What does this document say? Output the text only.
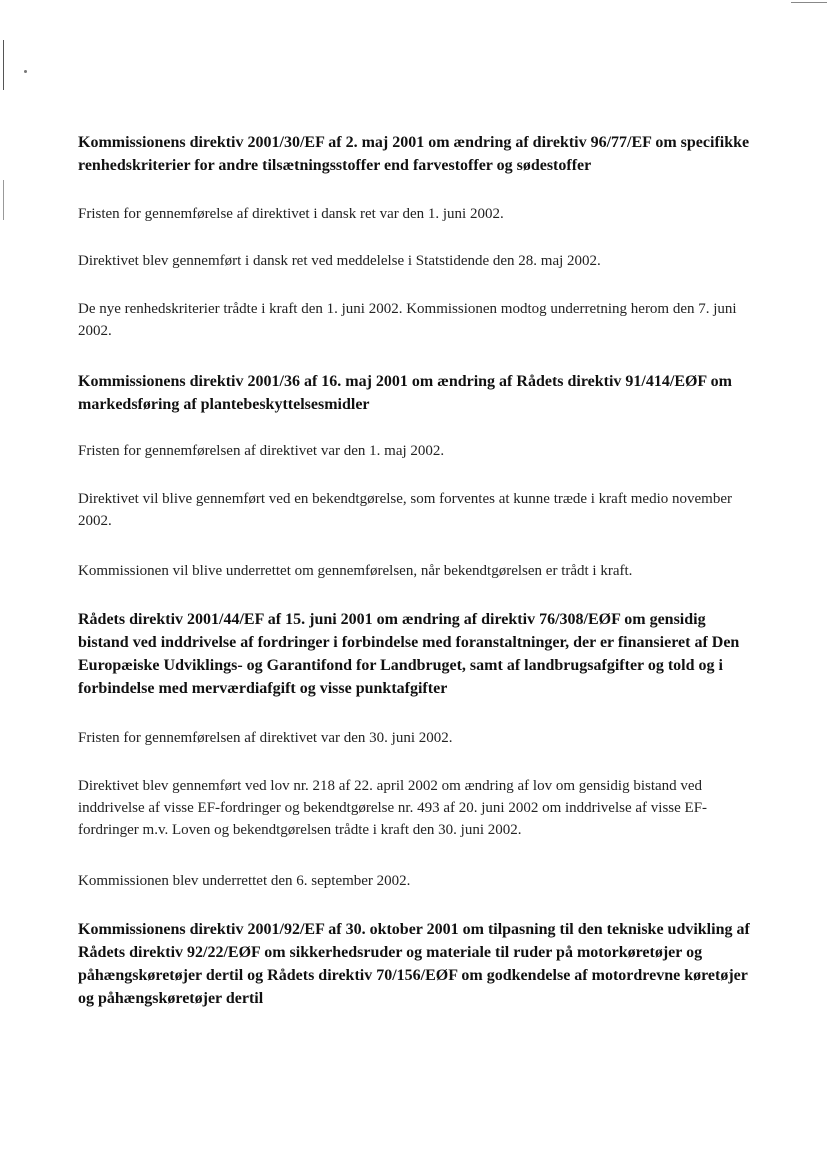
Kommissionens direktiv 2001/30/EF af 2. maj 2001 om ændring af direktiv 96/77/EF om specifikke renhedskriterier for andre tilsætningsstoffer end farvestoffer og sødestoffer

Fristen for gennemførelse af direktivet i dansk ret var den 1. juni 2002.

Direktivet blev gennemført i dansk ret ved meddelelse i Statstidende den 28. maj 2002.

De nye renhedskriterier trådte i kraft den 1. juni 2002. Kommissionen modtog underretning herom den 7. juni 2002.

Kommissionens direktiv 2001/36 af 16. maj 2001 om ændring af Rådets direktiv 91/414/EØF om markedsføring af plantebeskyttelsesmidler

Fristen for gennemførelsen af direktivet var den 1. maj 2002.

Direktivet vil blive gennemført ved en bekendtgørelse, som forventes at kunne træde i kraft medio november 2002.

Kommissionen vil blive underrettet om gennemførelsen, når bekendtgørelsen er trådt i kraft.

Rådets direktiv 2001/44/EF af 15. juni 2001 om ændring af direktiv 76/308/EØF om gensidig bistand ved inddrivelse af fordringer i forbindelse med foranstaltninger, der er finansieret af Den Europæiske Udviklings- og Garantifond for Landbruget, samt af landbrugsafgifter og told og i forbindelse med merværdiafgift og visse punktafgifter

Fristen for gennemførelsen af direktivet var den 30. juni 2002.

Direktivet blev gennemført ved lov nr. 218 af 22. april 2002 om ændring af lov om gensidig bistand ved inddrivelse af visse EF-fordringer og bekendtgørelse nr. 493 af 20. juni 2002 om inddrivelse af visse EF-fordringer m.v. Loven og bekendtgørelsen trådte i kraft den 30. juni 2002.

Kommissionen blev underrettet den 6. september 2002.

Kommissionens direktiv 2001/92/EF af 30. oktober 2001 om tilpasning til den tekniske udvikling af Rådets direktiv 92/22/EØF om sikkerhedsruder og materiale til ruder på motorkøretøjer og påhængskøretøjer dertil og Rådets direktiv 70/156/EØF om godkendelse af motordrevne køretøjer og påhængskøretøjer dertil
